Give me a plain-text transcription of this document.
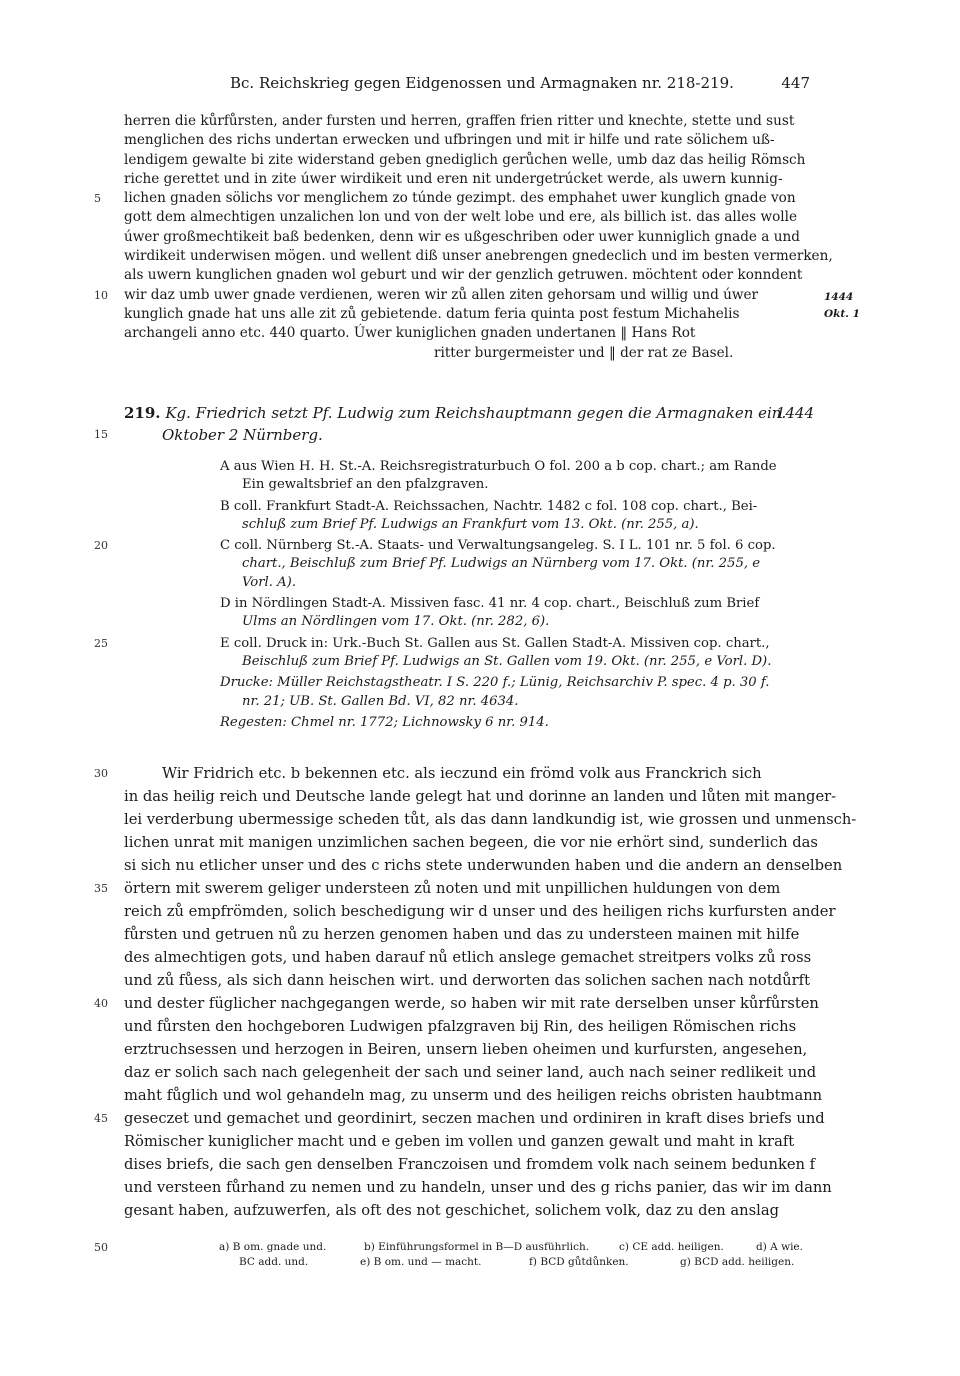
Bc. Reichskrieg gegen Eidgenossen und Armagnaken nr. 218-219.	447
herren die kůrfůrsten, ander fursten und herren, graffen frien ritter und knechte, stette und sust
menglichen des richs undertan erwecken und ufbringen und mit ir hilfe und rate sölichem uß-
lendigem gewalte bi zite widerstand geben gnediglich gerůchen welle, umb daz das heilig Römsch
riche gerettet und in zite úwer wirdikeit und eren nit undergetrúcket werde, als uwern kunnig-
5	lichen gnaden sölichs vor menglichem zo túnde gezimpt. des emphahet uwer kunglich gnade von
gott dem almechtigen unzalichen lon und von der welt lobe und ere, als billich ist. das alles wolle
úwer großmechtikeit baß bedenken, denn wir es ußgeschriben oder uwer kunniglich gnade a und
wirdikeit underwisen mögen. und wellent diß unser anebrengen gnedeclich und im besten vermerken,
als uwern kunglichen gnaden wol geburt und wir der genzlich getruwen. möchtent oder konndent
10	wir daz umb uwer gnade verdienen, weren wir zů allen ziten gehorsam und willig und úwer	1444
kunglich gnade hat uns alle zit zů gebietende. datum feria quinta post festum Michahelis	Okt. 1
archangeli anno etc. 440 quarto. Úwer kuniglichen gnaden undertanen ‖ Hans Rot
ritter burgermeister und ‖ der rat ze Basel.
219. Kg. Friedrich setzt Pf. Ludwig zum Reichshauptmann gegen die Armagnaken ein.
1444
15	Oktober 2 Nürnberg.
A aus Wien H. H. St.-A. Reichsregistraturbuch O fol. 200 a b cop. chart.; am Rande
Ein gewaltsbrief an den pfalzgraven.
B coll. Frankfurt Stadt-A. Reichssachen, Nachtr. 1482 c fol. 108 cop. chart., Bei-
schluß zum Brief Pf. Ludwigs an Frankfurt vom 13. Okt. (nr. 255, a).
20	C coll. Nürnberg St.-A. Staats- und Verwaltungsangeleg. S. I L. 101 nr. 5 fol. 6 cop.
chart., Beischluß zum Brief Pf. Ludwigs an Nürnberg vom 17. Okt. (nr. 255, e
Vorl. A).
D in Nördlingen Stadt-A. Missiven fasc. 41 nr. 4 cop. chart., Beischluß zum Brief
Ulms an Nördlingen vom 17. Okt. (nr. 282, 6).
25	E coll. Druck in: Urk.-Buch St. Gallen aus St. Gallen Stadt-A. Missiven cop. chart.,
Beischluß zum Brief Pf. Ludwigs an St. Gallen vom 19. Okt. (nr. 255, e Vorl. D).
Drucke: Müller Reichstagstheatr. I S. 220 f.; Lünig, Reichsarchiv P. spec. 4 p. 30 f.
nr. 21; UB. St. Gallen Bd. VI, 82 nr. 4634.
Regesten: Chmel nr. 1772; Lichnowsky 6 nr. 914.
30	Wir Fridrich etc. b bekennen etc. als ieczund ein frömd volk aus Franckrich sich
in das heilig reich und Deutsche lande gelegt hat und dorinne an landen und lůten mit manger-
lei verderbung ubermessige scheden tůt, als das dann landkundig ist, wie grossen und unmensch-
lichen unrat mit manigen unzimlichen sachen begeen, die vor nie erhört sind, sunderlich das
si sich nu etlicher unser und des c richs stete underwunden haben und die andern an denselben
35	örtern mit swerem geliger understeen zů noten und mit unpillichen huldungen von dem
reich zů empfrömden, solich beschedigung wir d unser und des heiligen richs kurfursten ander
fůrsten und getruen nů zu herzen genomen haben und das zu understeen mainen mit hilfe
des almechtigen gots, und haben darauf nů etlich anslege gemachet streitpers volks zů ross
und zů fůess, als sich dann heischen wirt. und derworten das solichen sachen nach notdůrft
40	und dester füglicher nachgegangen werde, so haben wir mit rate derselben unser kůrfůrsten
und fůrsten den hochgeboren Ludwigen pfalzgraven bij Rin, des heiligen Römischen richs
erztruchsessen und herzogen in Beiren, unsern lieben oheimen und kurfursten, angesehen,
daz er solich sach nach gelegenheit der sach und seiner land, auch nach seiner redlikeit und
maht fůglich und wol gehandeln mag, zu unserm und des heiligen reichs obristen haubtmann
45	geseczet und gemachet und geordinirt, seczen machen und ordiniren in kraft dises briefs und
Römischer kuniglicher macht und e geben im vollen und ganzen gewalt und maht in kraft
dises briefs, die sach gen denselben Franczoisen und fromdem volk nach seinem bedunken f
und versteen fůrhand zu nemen und zu handeln, unser und des g richs panier, das wir im dann
gesant haben, aufzuwerfen, als oft des not geschichet, solichem volk, daz zu den anslag
50	a) B om. gnade und.	b) Einführungsformel in B—D ausführlich.	c) CE add. heiligen.	d) A wie.
BC add. und.	e) B om. und — macht.	f) BCD gůtdůnken.	g) BCD add. heiligen.
